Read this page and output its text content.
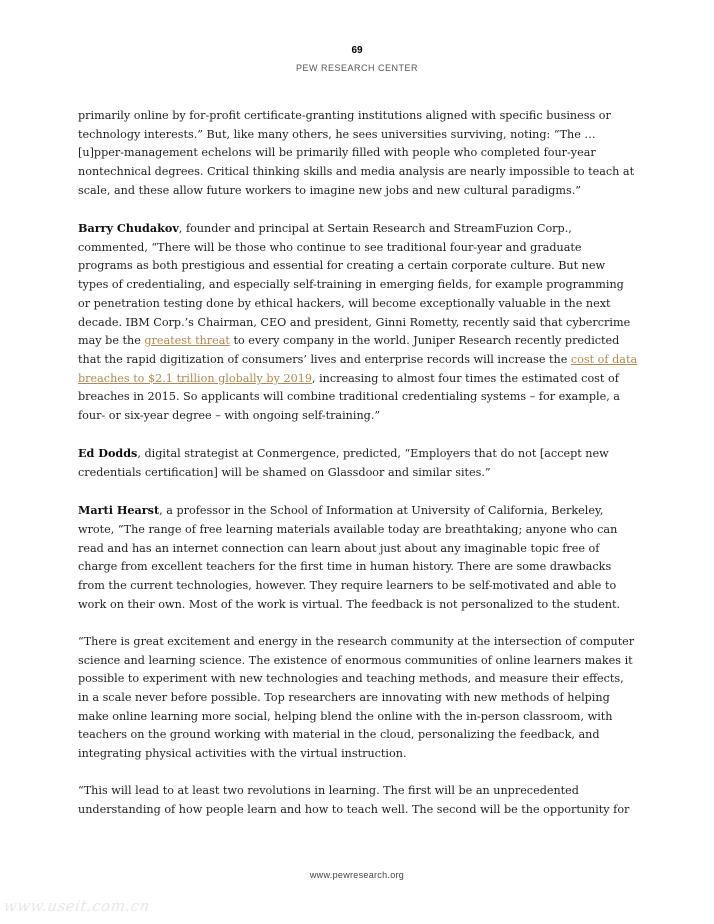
69
PEW RESEARCH CENTER

primarily online by for-profit certificate-granting institutions aligned with specific business or technology interests.” But, like many others, he sees universities surviving, noting: “The … [u]pper-management echelons will be primarily filled with people who completed four-year nontechnical degrees. Critical thinking skills and media analysis are nearly impossible to teach at scale, and these allow future workers to imagine new jobs and new cultural paradigms.”

Barry Chudakov, founder and principal at Sertain Research and StreamFuzion Corp., commented, “There will be those who continue to see traditional four-year and graduate programs as both prestigious and essential for creating a certain corporate culture. But new types of credentialing, and especially self-training in emerging fields, for example programming or penetration testing done by ethical hackers, will become exceptionally valuable in the next decade. IBM Corp.’s Chairman, CEO and president, Ginni Rometty, recently said that cybercrime may be the greatest threat to every company in the world. Juniper Research recently predicted that the rapid digitization of consumers’ lives and enterprise records will increase the cost of data breaches to $2.1 trillion globally by 2019, increasing to almost four times the estimated cost of breaches in 2015. So applicants will combine traditional credentialing systems – for example, a four- or six-year degree – with ongoing self-training.”

Ed Dodds, digital strategist at Conmergence, predicted, “Employers that do not [accept new credentials certification] will be shamed on Glassdoor and similar sites.”

Marti Hearst, a professor in the School of Information at University of California, Berkeley, wrote, “The range of free learning materials available today are breathtaking; anyone who can read and has an internet connection can learn about just about any imaginable topic free of charge from excellent teachers for the first time in human history. There are some drawbacks from the current technologies, however. They require learners to be self-motivated and able to work on their own. Most of the work is virtual. The feedback is not personalized to the student.

“There is great excitement and energy in the research community at the intersection of computer science and learning science. The existence of enormous communities of online learners makes it possible to experiment with new technologies and teaching methods, and measure their effects, in a scale never before possible. Top researchers are innovating with new methods of helping make online learning more social, helping blend the online with the in-person classroom, with teachers on the ground working with material in the cloud, personalizing the feedback, and integrating physical activities with the virtual instruction.

“This will lead to at least two revolutions in learning. The first will be an unprecedented understanding of how people learn and how to teach well. The second will be the opportunity for

www.pewresearch.org
www.useit.com.cn
